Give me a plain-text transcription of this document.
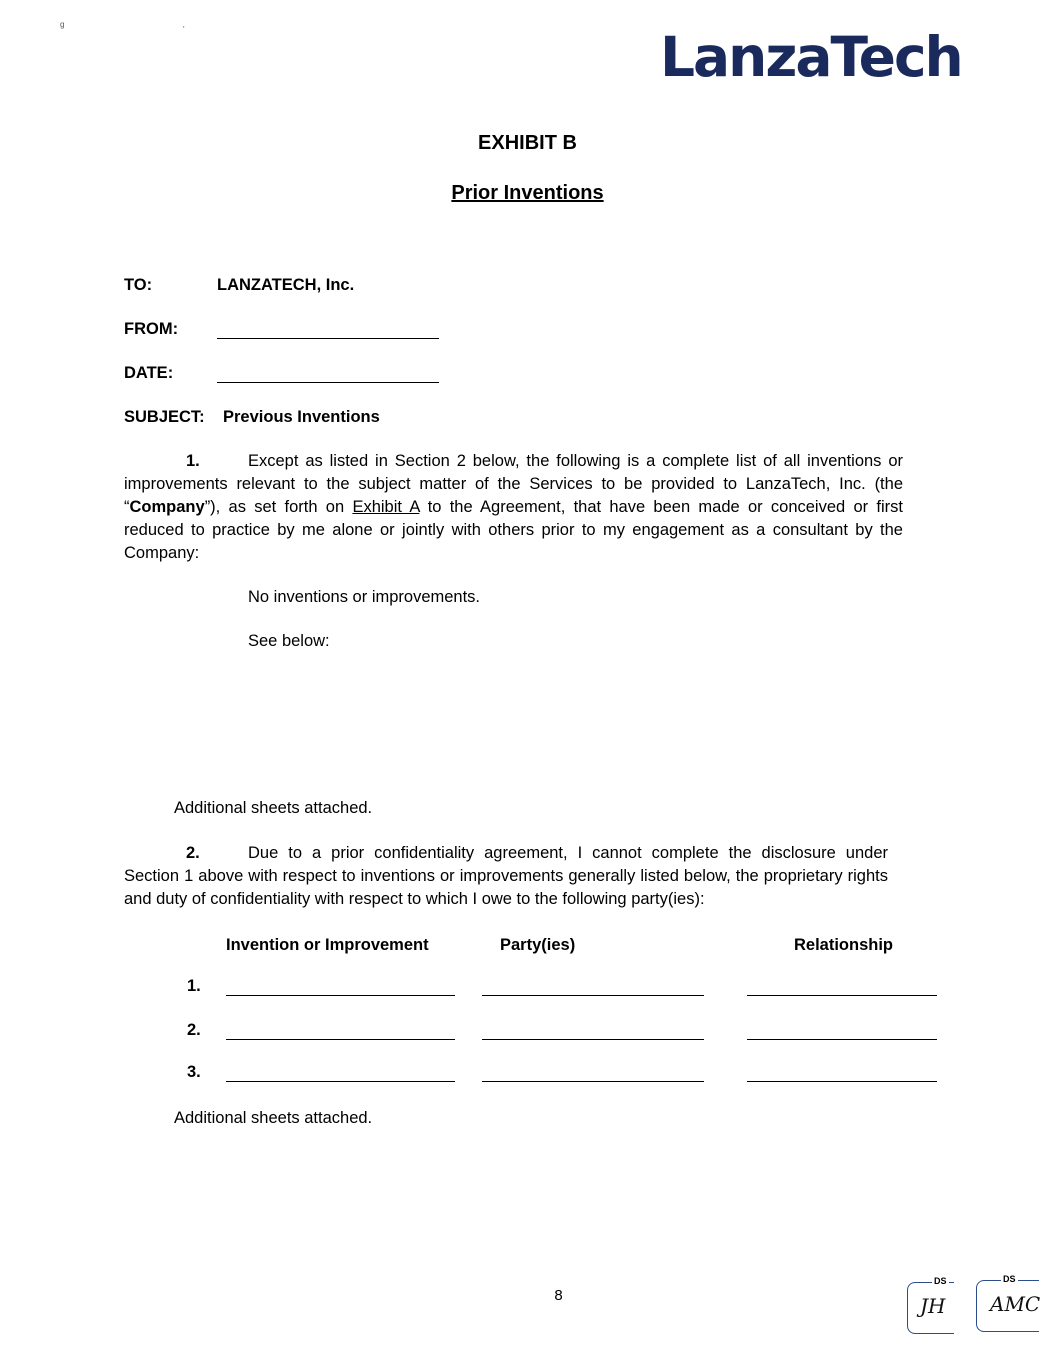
g ,
LanzaTech
EXHIBIT B
Prior Inventions
TO:	LANZATECH, Inc.
FROM:
DATE:
SUBJECT: Previous Inventions
1.	Except as listed in Section 2 below, the following is a complete list of all inventions or improvements relevant to the subject matter of the Services to be provided to LanzaTech, Inc. (the “Company”), as set forth on Exhibit A to the Agreement, that have been made or conceived or first reduced to practice by me alone or jointly with others prior to my engagement as a consultant by the Company:
No inventions or improvements.
See below:
Additional sheets attached.
2.	Due to a prior confidentiality agreement, I cannot complete the disclosure under Section 1 above with respect to inventions or improvements generally listed below, the proprietary rights and duty of confidentiality with respect to which I owe to the following party(ies):
Invention or Improvement	Party(ies)	Relationship
1.
2.
3.
Additional sheets attached.
8
DS
JH
DS
AMC
